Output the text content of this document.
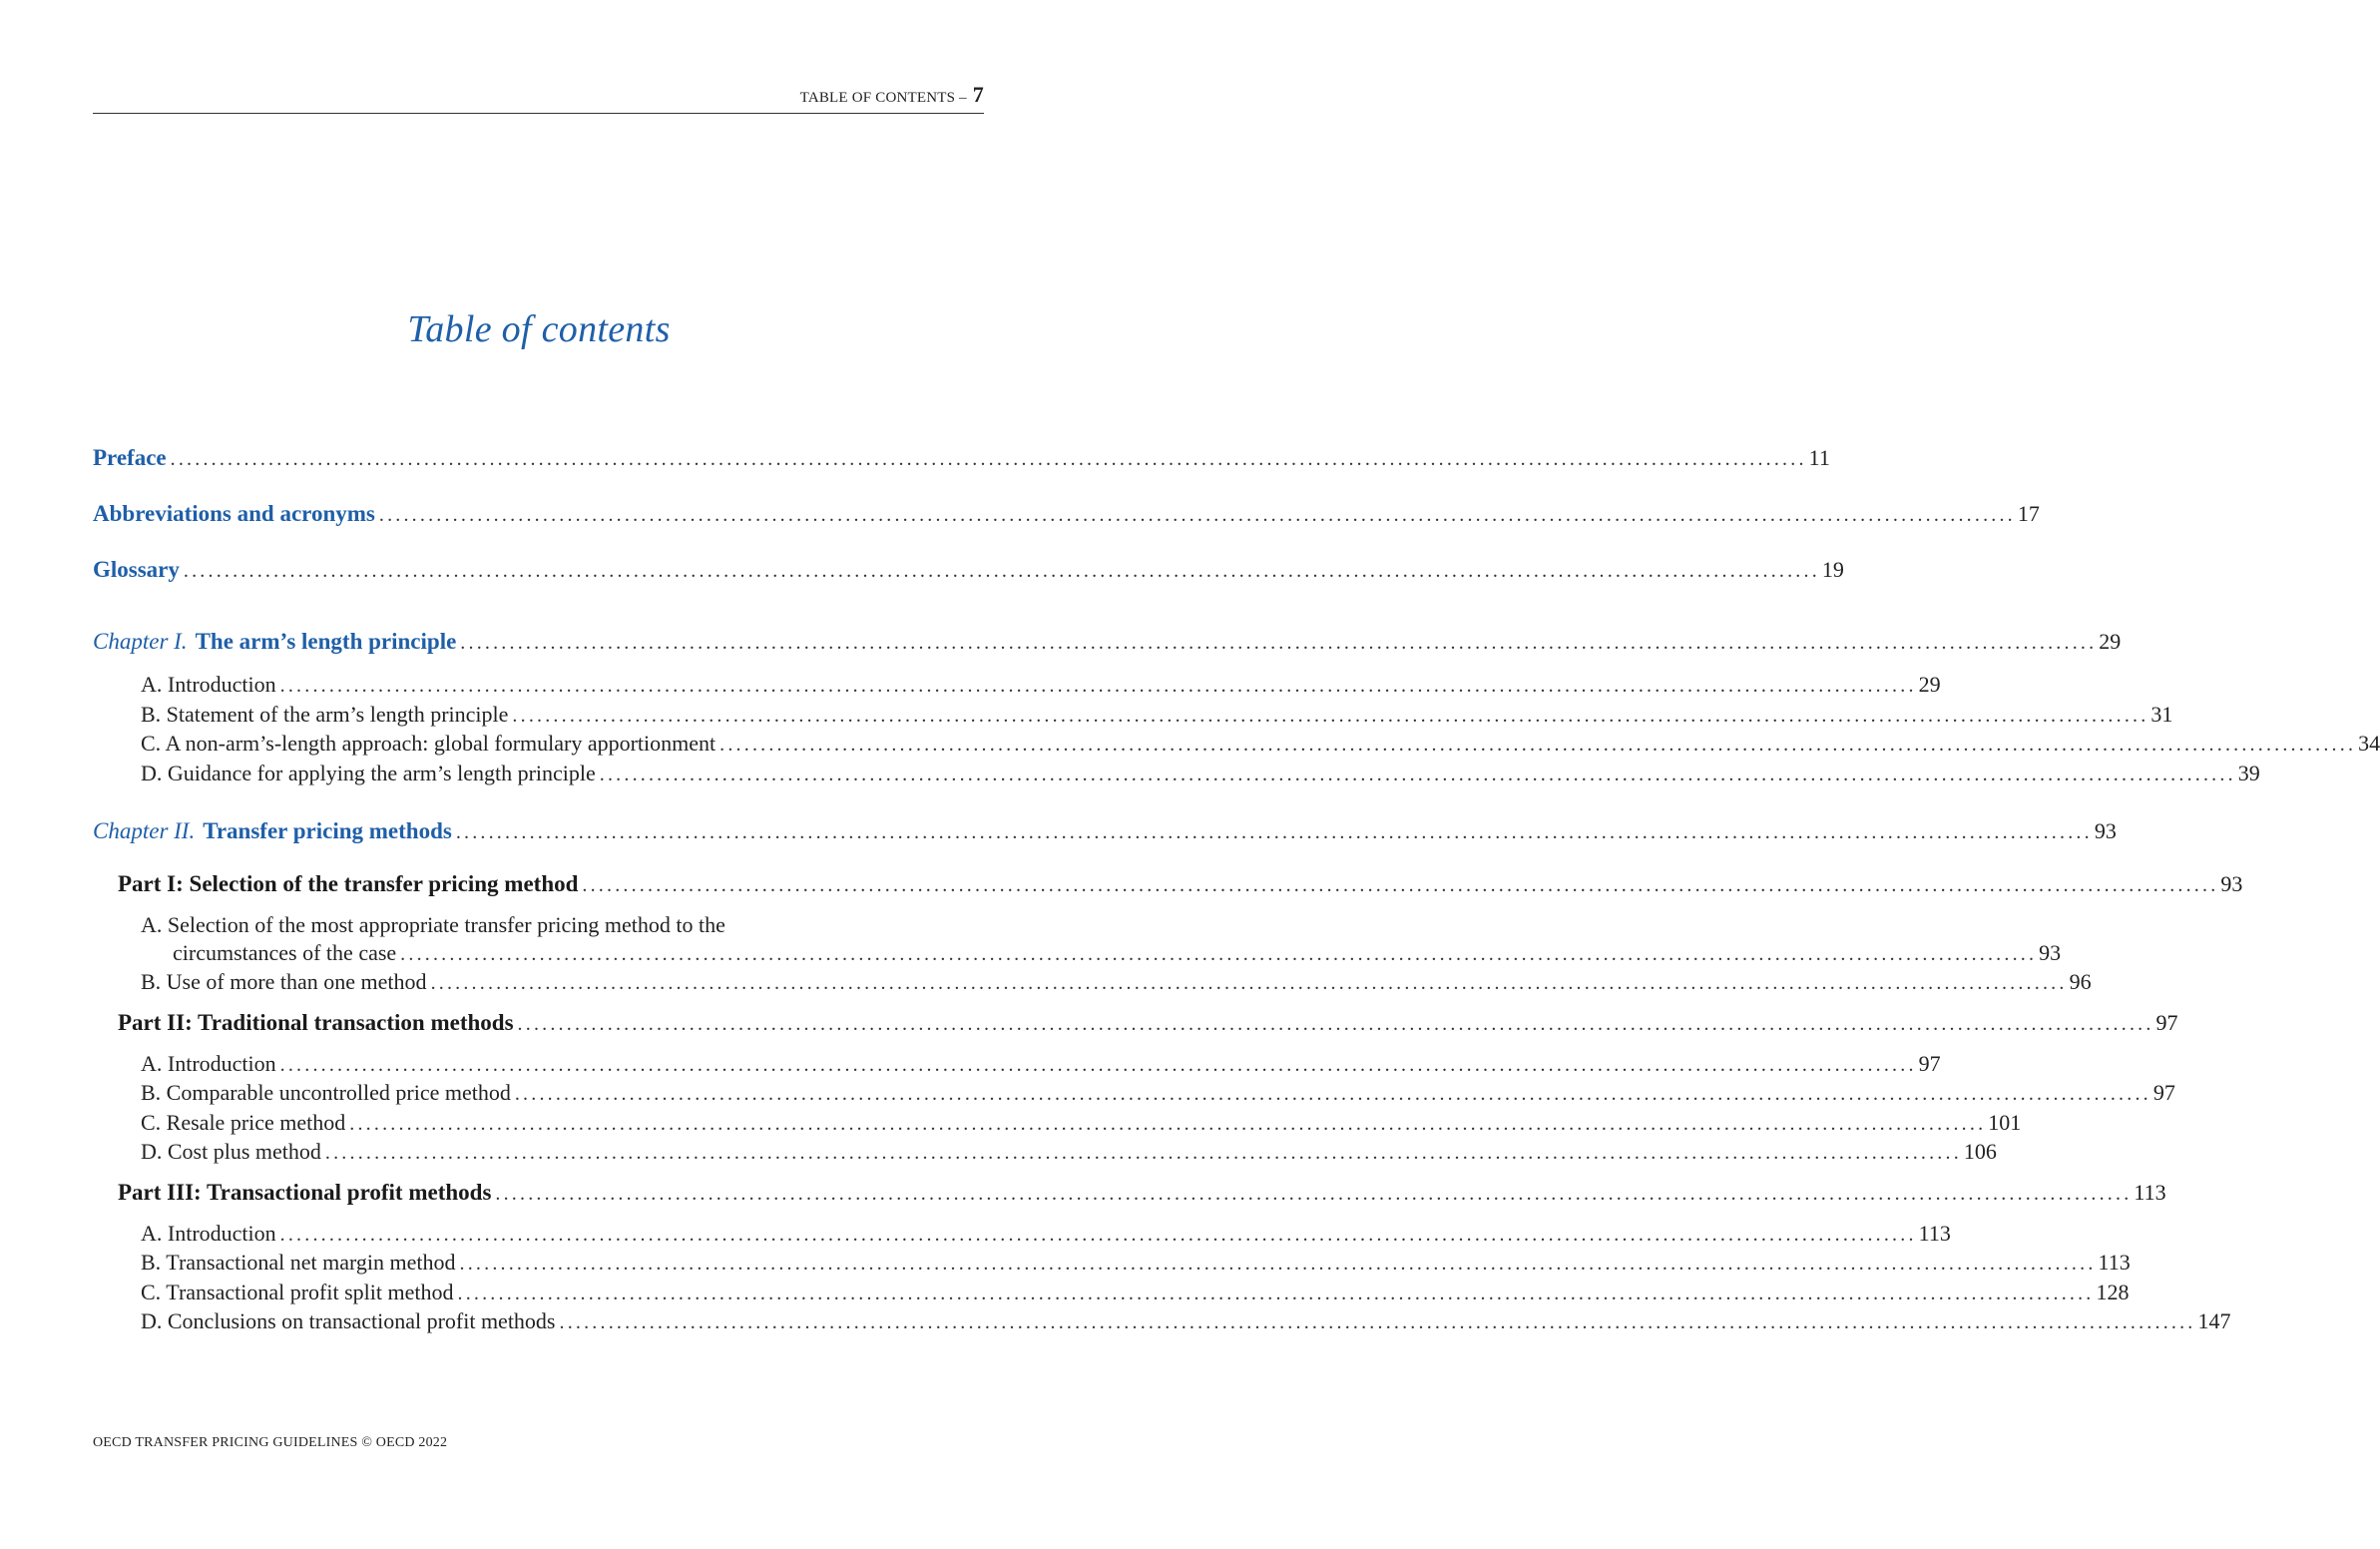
TABLE OF CONTENTS – 7
Table of contents
Preface ........................................................................................................................................................................................................ 11
Abbreviations and acronyms ........................................................................................................................................................................................................ 17
Glossary ........................................................................................................................................................................................................ 19
Chapter I. The arm’s length principle ........................................................................................................................................................................................................ 29
A. Introduction ........................................................................................................................................................................................................ 29
B. Statement of the arm’s length principle ........................................................................................................................................................................................................ 31
C. A non-arm’s-length approach: global formulary apportionment ........................................................................................................................................................................................................ 34
D. Guidance for applying the arm’s length principle ........................................................................................................................................................................................................ 39
Chapter II. Transfer pricing methods ........................................................................................................................................................................................................ 93
Part I: Selection of the transfer pricing method ........................................................................................................................................................................................................ 93
A. Selection of the most appropriate transfer pricing method to the
circumstances of the case ........................................................................................................................................................................................................ 93
B. Use of more than one method ........................................................................................................................................................................................................ 96
Part II: Traditional transaction methods ........................................................................................................................................................................................................ 97
A. Introduction ........................................................................................................................................................................................................ 97
B. Comparable uncontrolled price method ........................................................................................................................................................................................................ 97
C. Resale price method ........................................................................................................................................................................................................ 101
D. Cost plus method ........................................................................................................................................................................................................ 106
Part III: Transactional profit methods ........................................................................................................................................................................................................ 113
A. Introduction ........................................................................................................................................................................................................ 113
B. Transactional net margin method ........................................................................................................................................................................................................ 113
C. Transactional profit split method ........................................................................................................................................................................................................ 128
D. Conclusions on transactional profit methods ........................................................................................................................................................................................................ 147
OECD TRANSFER PRICING GUIDELINES © OECD 2022
